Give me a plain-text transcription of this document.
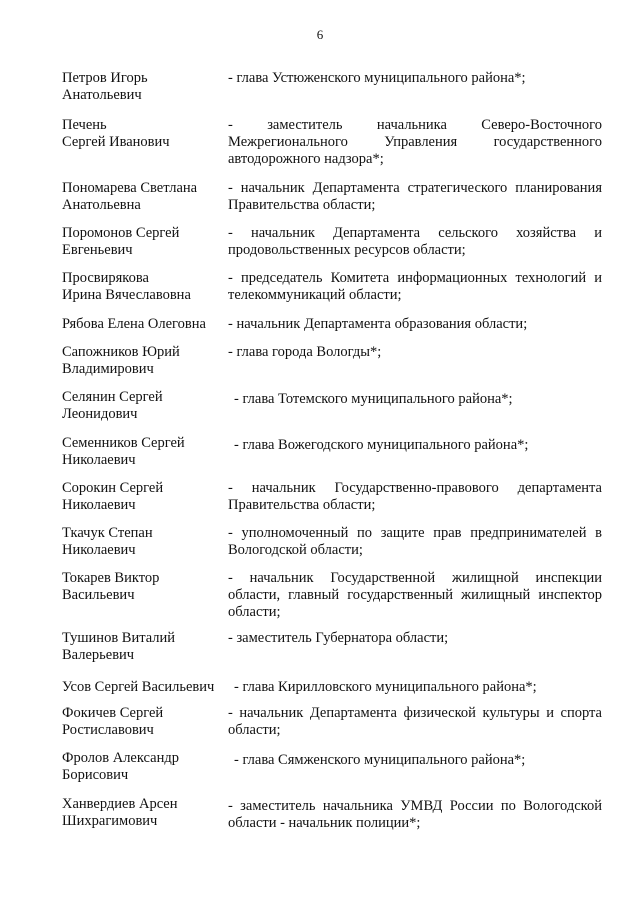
6
Петров Игорь
Анатольевич
- глава Устюженского муниципального района*;
Печень
Сергей Иванович
- заместитель начальника Северо-Восточного
Межрегионального Управления государственного
автодорожного надзора*;
Пономарева Светлана
Анатольевна
- начальник Департамента стратегического планирования
Правительства области;
Поромонов Сергей
Евгеньевич
- начальник Департамента сельского хозяйства и
продовольственных ресурсов области;
Просвирякова
Ирина Вячеславовна
- председатель Комитета информационных технологий и
телекоммуникаций области;
Рябова Елена Олеговна	- начальник Департамента образования области;
Сапожников Юрий
Владимирович
- глава города Вологды*;
Селянин Сергей
Леонидович
- глава Тотемского муниципального района*;
Семенников Сергей
Николаевич
- глава Вожегодского муниципального района*;
Сорокин Сергей
Николаевич
- начальник Государственно-правового департамента
Правительства области;
Ткачук Степан
Николаевич
- уполномоченный по защите прав предпринимателей в
Вологодской области;
Токарев Виктор
Васильевич
- начальник Государственной жилищной инспекции
области, главный государственный жилищный инспектор
области;
Тушинов Виталий
Валерьевич
- заместитель Губернатора области;
Усов Сергей Васильевич	- глава Кирилловского муниципального района*;
Фокичев Сергей
Ростиславович
- начальник Департамента физической культуры и спорта
области;
Фролов Александр
Борисович
- глава Сямженского муниципального района*;
Ханвердиев Арсен
Шихрагимович
- заместитель начальника УМВД России по Вологодской
области - начальник полиции*;
